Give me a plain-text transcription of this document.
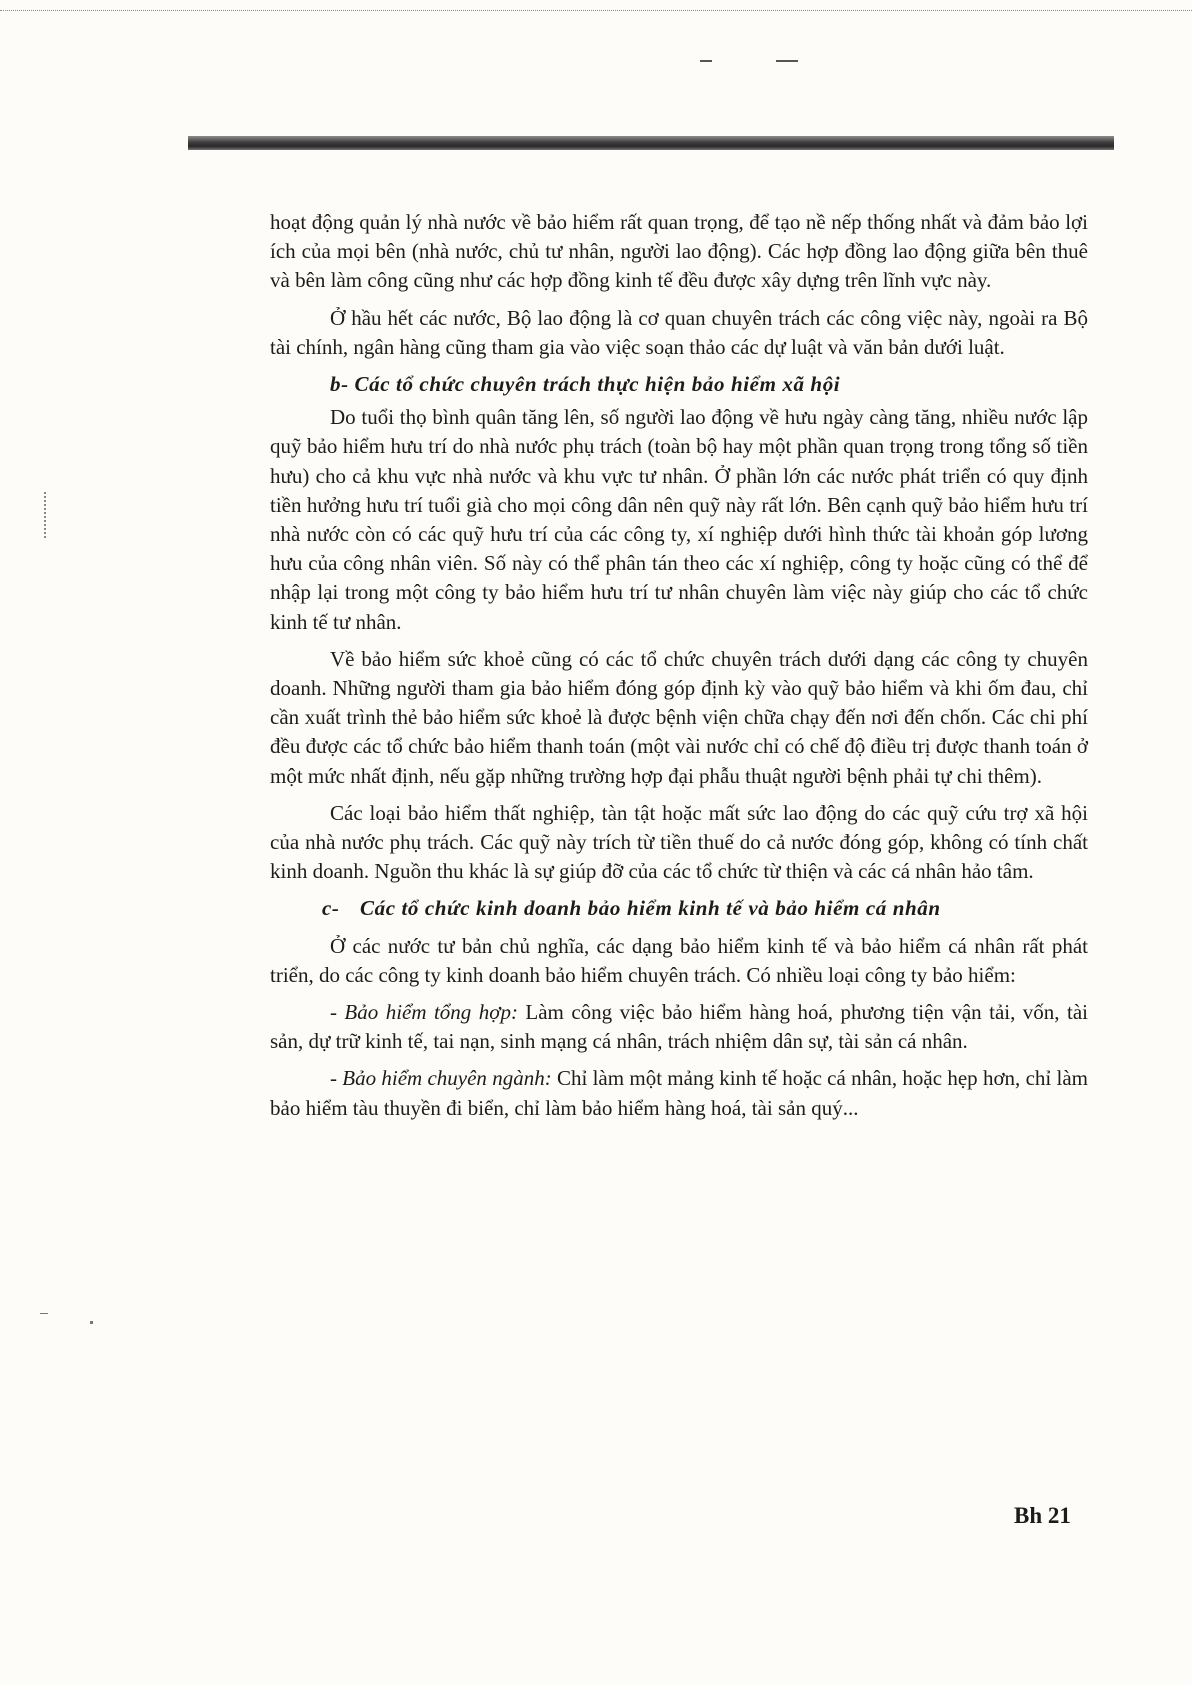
hoạt động quản lý nhà nước về bảo hiểm rất quan trọng, để tạo nề nếp thống nhất và đảm bảo lợi ích của mọi bên (nhà nước, chủ tư nhân, người lao động). Các hợp đồng lao động giữa bên thuê và bên làm công cũng như các hợp đồng kinh tế đều được xây dựng trên lĩnh vực này.

Ở hầu hết các nước, Bộ lao động là cơ quan chuyên trách các công việc này, ngoài ra Bộ tài chính, ngân hàng cũng tham gia vào việc soạn thảo các dự luật và văn bản dưới luật.

b- Các tổ chức chuyên trách thực hiện bảo hiểm xã hội

Do tuổi thọ bình quân tăng lên, số người lao động về hưu ngày càng tăng, nhiều nước lập quỹ bảo hiểm hưu trí do nhà nước phụ trách (toàn bộ hay một phần quan trọng trong tổng số tiền hưu) cho cả khu vực nhà nước và khu vực tư nhân. Ở phần lớn các nước phát triển có quy định tiền hưởng hưu trí tuổi già cho mọi công dân nên quỹ này rất lớn. Bên cạnh quỹ bảo hiểm hưu trí nhà nước còn có các quỹ hưu trí của các công ty, xí nghiệp dưới hình thức tài khoản góp lương hưu của công nhân viên. Số này có thể phân tán theo các xí nghiệp, công ty hoặc cũng có thể để nhập lại trong một công ty bảo hiểm hưu trí tư nhân chuyên làm việc này giúp cho các tổ chức kinh tế tư nhân.

Về bảo hiểm sức khoẻ cũng có các tổ chức chuyên trách dưới dạng các công ty chuyên doanh. Những người tham gia bảo hiểm đóng góp định kỳ vào quỹ bảo hiểm và khi ốm đau, chỉ cần xuất trình thẻ bảo hiểm sức khoẻ là được bệnh viện chữa chạy đến nơi đến chốn. Các chi phí đều được các tổ chức bảo hiểm thanh toán (một vài nước chỉ có chế độ điều trị được thanh toán ở một mức nhất định, nếu gặp những trường hợp đại phẫu thuật người bệnh phải tự chi thêm).

Các loại bảo hiểm thất nghiệp, tàn tật hoặc mất sức lao động do các quỹ cứu trợ xã hội của nhà nước phụ trách. Các quỹ này trích từ tiền thuế do cả nước đóng góp, không có tính chất kinh doanh. Nguồn thu khác là sự giúp đỡ của các tổ chức từ thiện và các cá nhân hảo tâm.

c- Các tổ chức kinh doanh bảo hiểm kinh tế và bảo hiểm cá nhân

Ở các nước tư bản chủ nghĩa, các dạng bảo hiểm kinh tế và bảo hiểm cá nhân rất phát triển, do các công ty kinh doanh bảo hiểm chuyên trách. Có nhiều loại công ty bảo hiểm:

- Bảo hiểm tổng hợp: Làm công việc bảo hiểm hàng hoá, phương tiện vận tải, vốn, tài sản, dự trữ kinh tế, tai nạn, sinh mạng cá nhân, trách nhiệm dân sự, tài sản cá nhân.

- Bảo hiểm chuyên ngành: Chỉ làm một mảng kinh tế hoặc cá nhân, hoặc hẹp hơn, chỉ làm bảo hiểm tàu thuyền đi biển, chỉ làm bảo hiểm hàng hoá, tài sản quý...

Bh 21
